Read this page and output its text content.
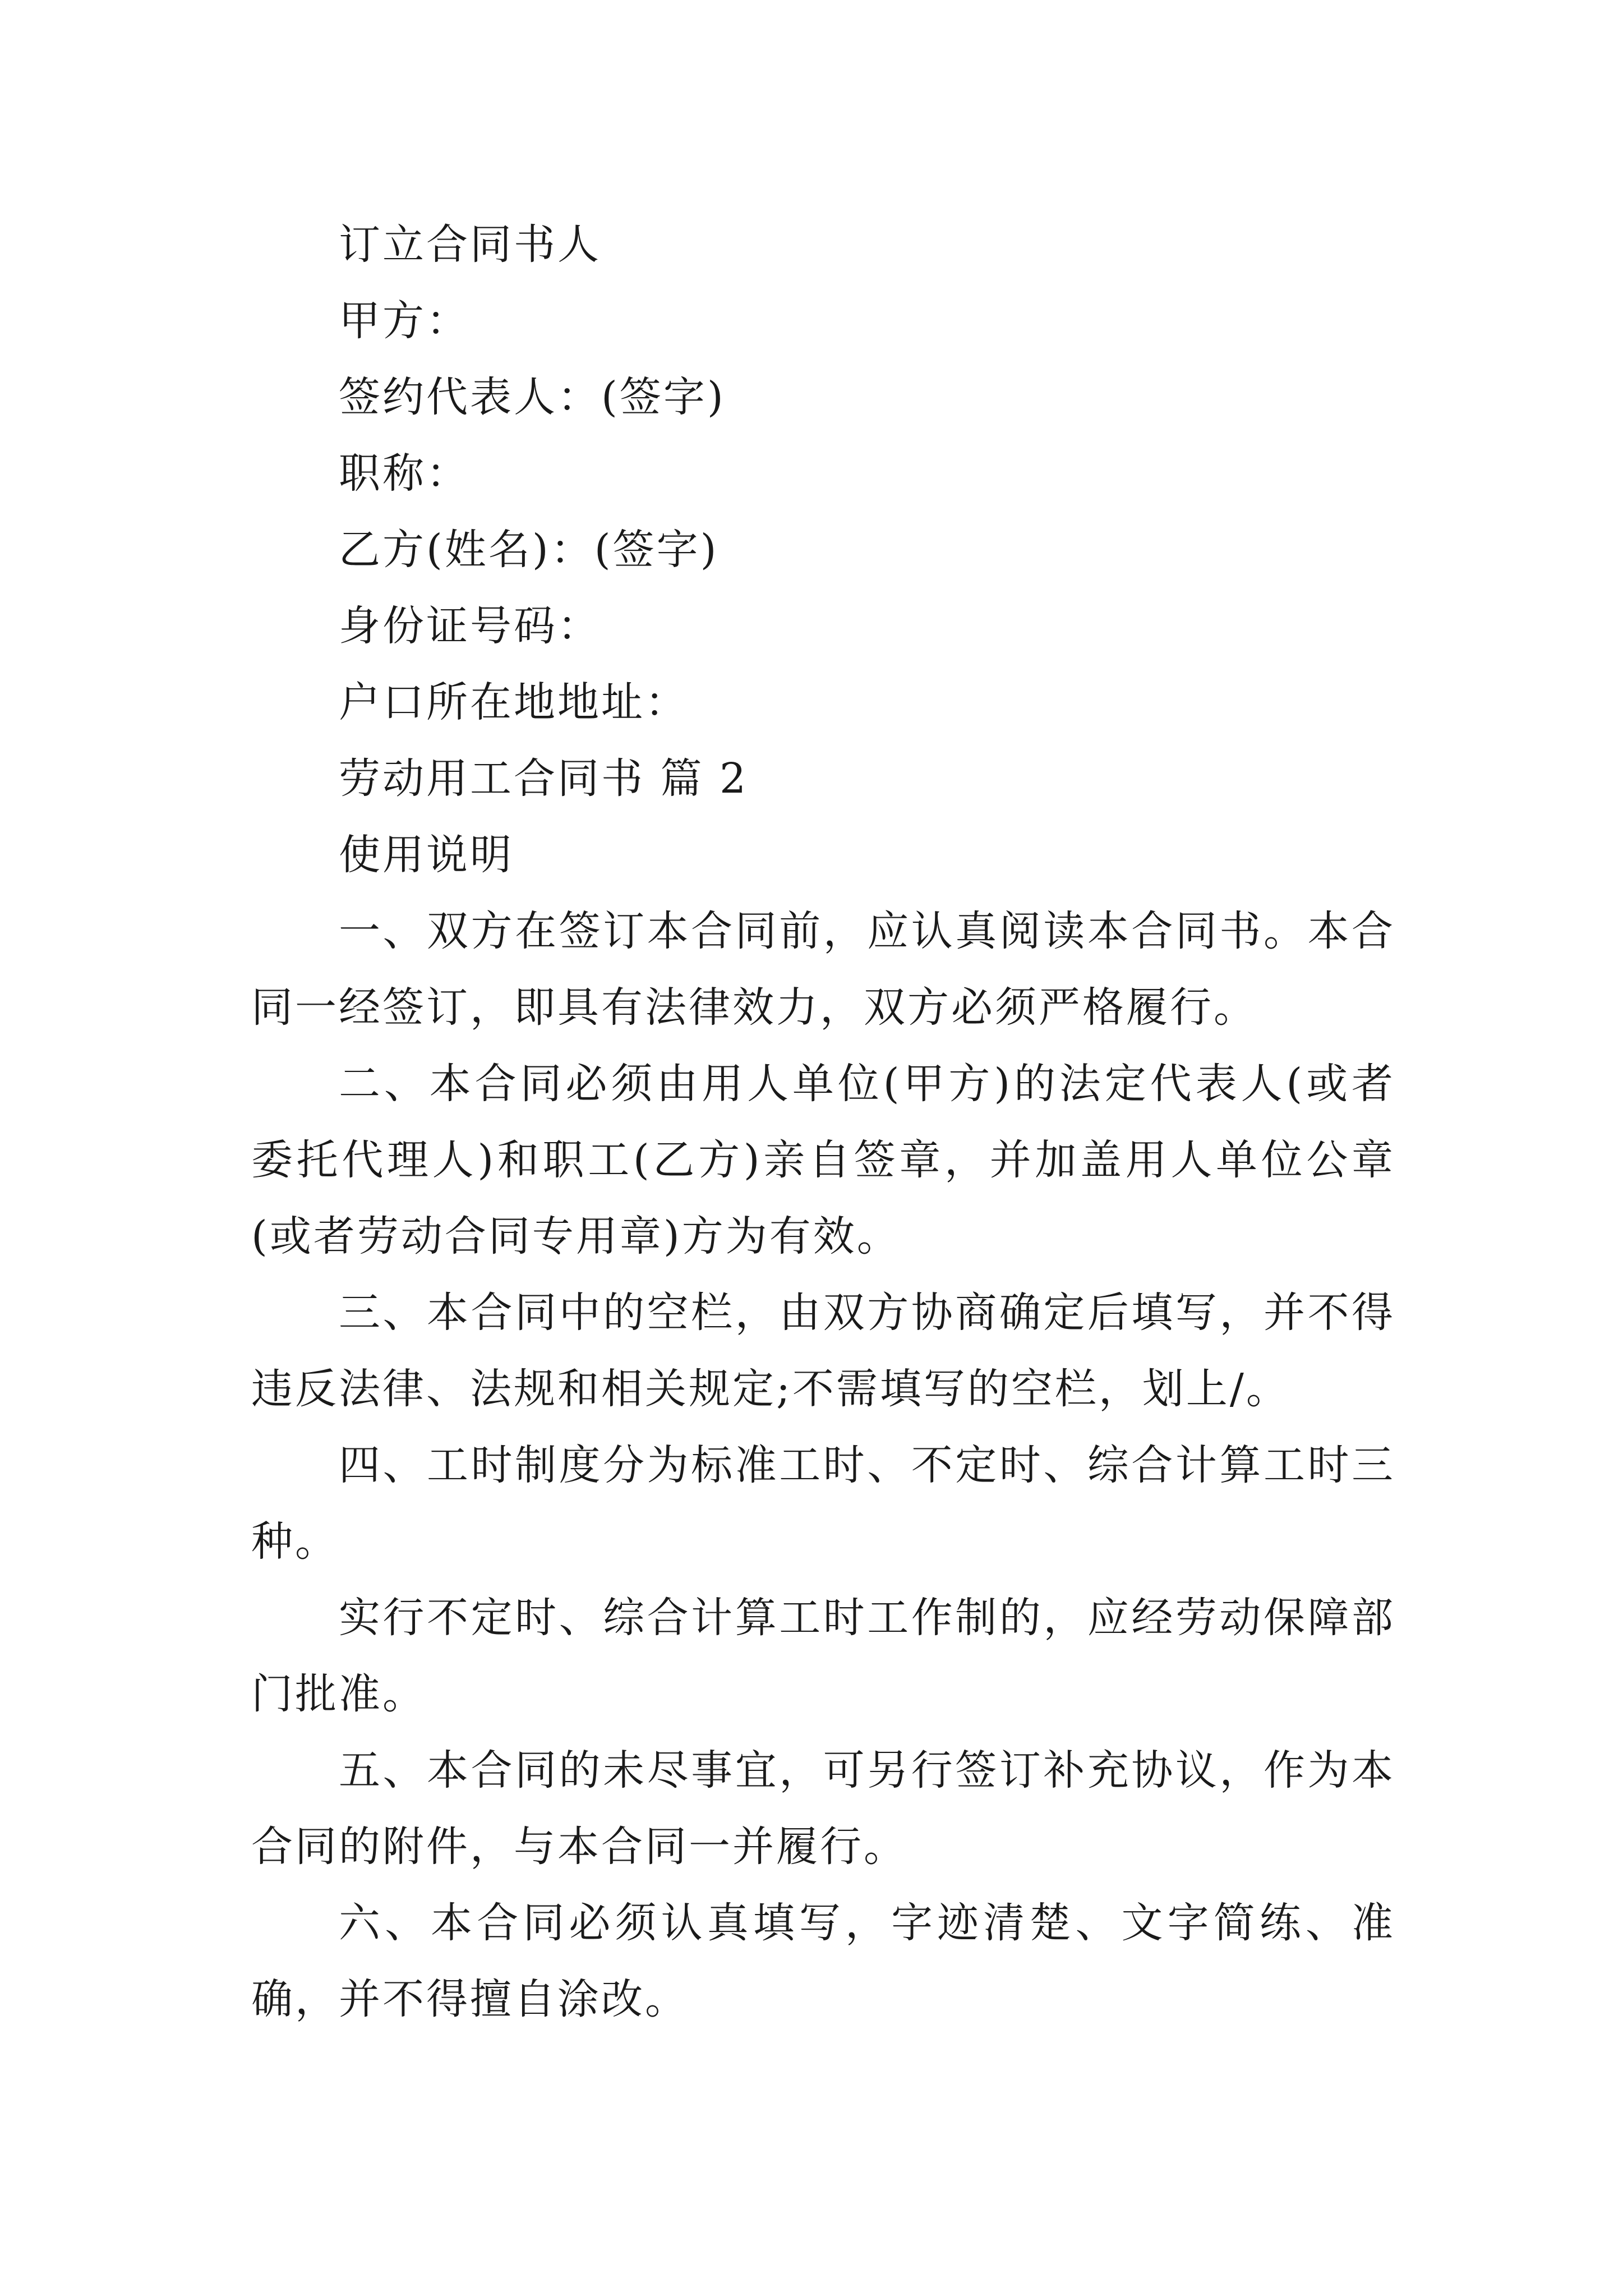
订立合同书人

甲方：

签约代表人：(签字)

职称：

乙方(姓名)：(签字)

身份证号码：

户口所在地地址：

劳动用工合同书 篇 2

使用说明

一、双方在签订本合同前，应认真阅读本合同书。本合同一经签订，即具有法律效力，双方必须严格履行。

二、本合同必须由用人单位(甲方)的法定代表人(或者委托代理人)和职工(乙方)亲自签章，并加盖用人单位公章(或者劳动合同专用章)方为有效。

三、本合同中的空栏，由双方协商确定后填写，并不得违反法律、法规和相关规定;不需填写的空栏，划上/。

四、工时制度分为标准工时、不定时、综合计算工时三种。

实行不定时、综合计算工时工作制的，应经劳动保障部门批准。

五、本合同的未尽事宜，可另行签订补充协议，作为本合同的附件，与本合同一并履行。

六、本合同必须认真填写，字迹清楚、文字简练、准确，并不得擅自涂改。
